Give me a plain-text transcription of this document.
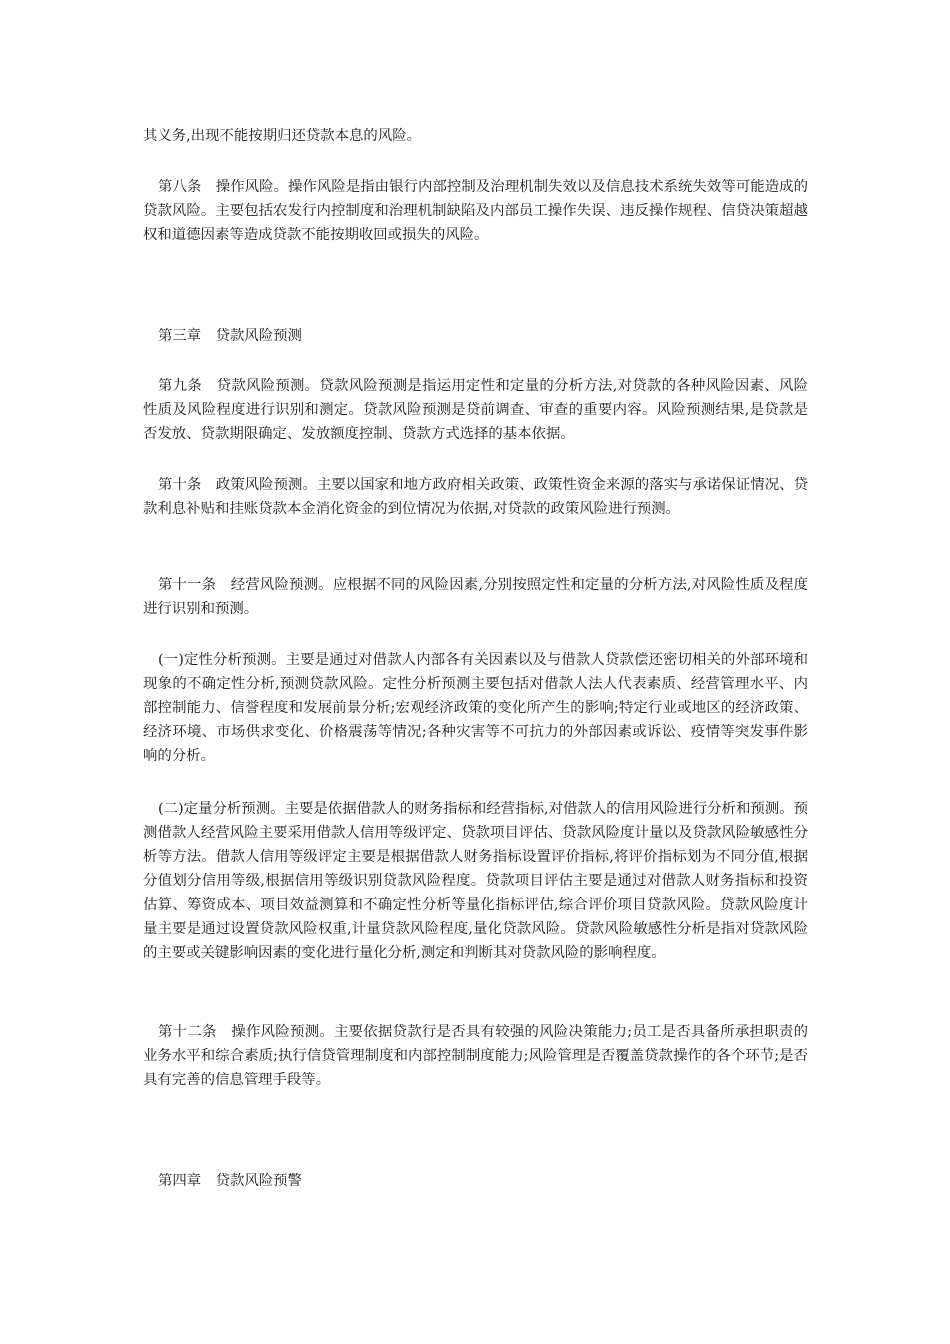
其义务,出现不能按期归还贷款本息的风险。

第八条　操作风险。操作风险是指由银行内部控制及治理机制失效以及信息技术系统失效等可能造成的贷款风险。主要包括农发行内控制度和治理机制缺陷及内部员工操作失误、违反操作规程、信贷决策超越权和道德因素等造成贷款不能按期收回或损失的风险。

第三章　贷款风险预测

第九条　贷款风险预测。贷款风险预测是指运用定性和定量的分析方法,对贷款的各种风险因素、风险性质及风险程度进行识别和测定。贷款风险预测是贷前调查、审查的重要内容。风险预测结果,是贷款是否发放、贷款期限确定、发放额度控制、贷款方式选择的基本依据。

第十条　政策风险预测。主要以国家和地方政府相关政策、政策性资金来源的落实与承诺保证情况、贷款利息补贴和挂账贷款本金消化资金的到位情况为依据,对贷款的政策风险进行预测。

第十一条　经营风险预测。应根据不同的风险因素,分别按照定性和定量的分析方法,对风险性质及程度进行识别和预测。

(一)定性分析预测。主要是通过对借款人内部各有关因素以及与借款人贷款偿还密切相关的外部环境和现象的不确定性分析,预测贷款风险。定性分析预测主要包括对借款人法人代表素质、经营管理水平、内部控制能力、信誉程度和发展前景分析;宏观经济政策的变化所产生的影响;特定行业或地区的经济政策、经济环境、市场供求变化、价格震荡等情况;各种灾害等不可抗力的外部因素或诉讼、疫情等突发事件影响的分析。

(二)定量分析预测。主要是依据借款人的财务指标和经营指标,对借款人的信用风险进行分析和预测。预测借款人经营风险主要采用借款人信用等级评定、贷款项目评估、贷款风险度计量以及贷款风险敏感性分析等方法。借款人信用等级评定主要是根据借款人财务指标设置评价指标,将评价指标划为不同分值,根据分值划分信用等级,根据信用等级识别贷款风险程度。贷款项目评估主要是通过对借款人财务指标和投资估算、筹资成本、项目效益测算和不确定性分析等量化指标评估,综合评价项目贷款风险。贷款风险度计量主要是通过设置贷款风险权重,计量贷款风险程度,量化贷款风险。贷款风险敏感性分析是指对贷款风险的主要或关键影响因素的变化进行量化分析,测定和判断其对贷款风险的影响程度。

第十二条　操作风险预测。主要依据贷款行是否具有较强的风险决策能力;员工是否具备所承担职责的业务水平和综合素质;执行信贷管理制度和内部控制制度能力;风险管理是否覆盖贷款操作的各个环节;是否具有完善的信息管理手段等。

第四章　贷款风险预警
